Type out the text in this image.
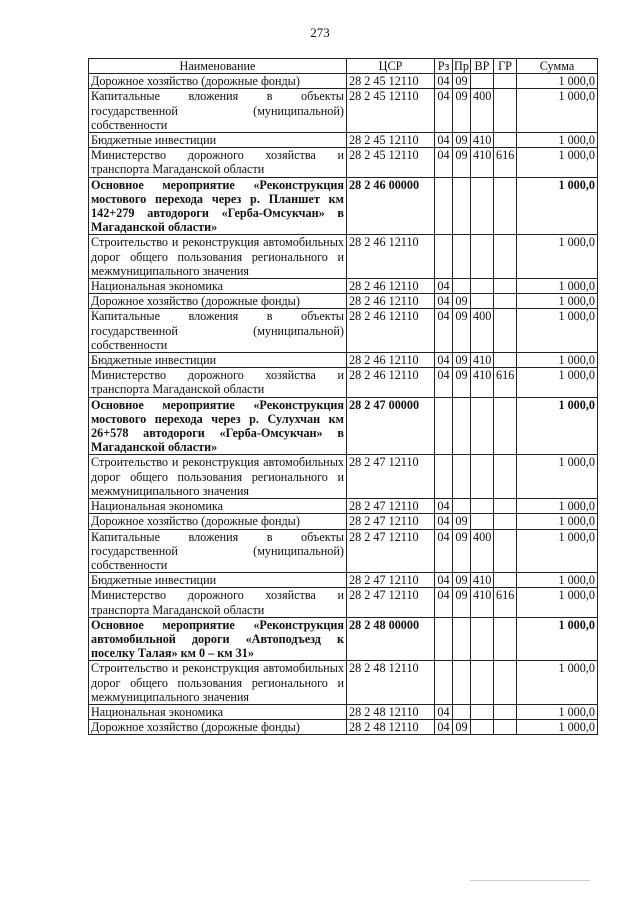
273
Наименование	ЦСР	Рз	Пр	ВР	ГР	Сумма
Дорожное хозяйство (дорожные фонды)	28 2 45 12110	04	09			1 000,0
Капитальные вложения в объекты государственной (муниципальной) собственности	28 2 45 12110	04	09	400		1 000,0
Бюджетные инвестиции	28 2 45 12110	04	09	410		1 000,0
Министерство дорожного хозяйства и транспорта Магаданской области	28 2 45 12110	04	09	410	616	1 000,0
Основное мероприятие «Реконструкция мостового перехода через р. Планшет км 142+279 автодороги «Герба-Омсукчан» в Магаданской области»	28 2 46 00000					1 000,0
Строительство и реконструкция автомобильных дорог общего пользования регионального и межмуниципального значения	28 2 46 12110					1 000,0
Национальная экономика	28 2 46 12110	04				1 000,0
Дорожное хозяйство (дорожные фонды)	28 2 46 12110	04	09			1 000,0
Капитальные вложения в объекты государственной (муниципальной) собственности	28 2 46 12110	04	09	400		1 000,0
Бюджетные инвестиции	28 2 46 12110	04	09	410		1 000,0
Министерство дорожного хозяйства и транспорта Магаданской области	28 2 46 12110	04	09	410	616	1 000,0
Основное мероприятие «Реконструкция мостового перехода через р. Сулухчан км 26+578 автодороги «Герба-Омсукчан» в Магаданской области»	28 2 47 00000					1 000,0
Строительство и реконструкция автомобильных дорог общего пользования регионального и межмуниципального значения	28 2 47 12110					1 000,0
Национальная экономика	28 2 47 12110	04				1 000,0
Дорожное хозяйство (дорожные фонды)	28 2 47 12110	04	09			1 000,0
Капитальные вложения в объекты государственной (муниципальной) собственности	28 2 47 12110	04	09	400		1 000,0
Бюджетные инвестиции	28 2 47 12110	04	09	410		1 000,0
Министерство дорожного хозяйства и транспорта Магаданской области	28 2 47 12110	04	09	410	616	1 000,0
Основное мероприятие «Реконструкция автомобильной дороги «Автоподъезд к поселку Талая» км 0 – км 31»	28 2 48 00000					1 000,0
Строительство и реконструкция автомобильных дорог общего пользования регионального и межмуниципального значения	28 2 48 12110					1 000,0
Национальная экономика	28 2 48 12110	04				1 000,0
Дорожное хозяйство (дорожные фонды)	28 2 48 12110	04	09			1 000,0
